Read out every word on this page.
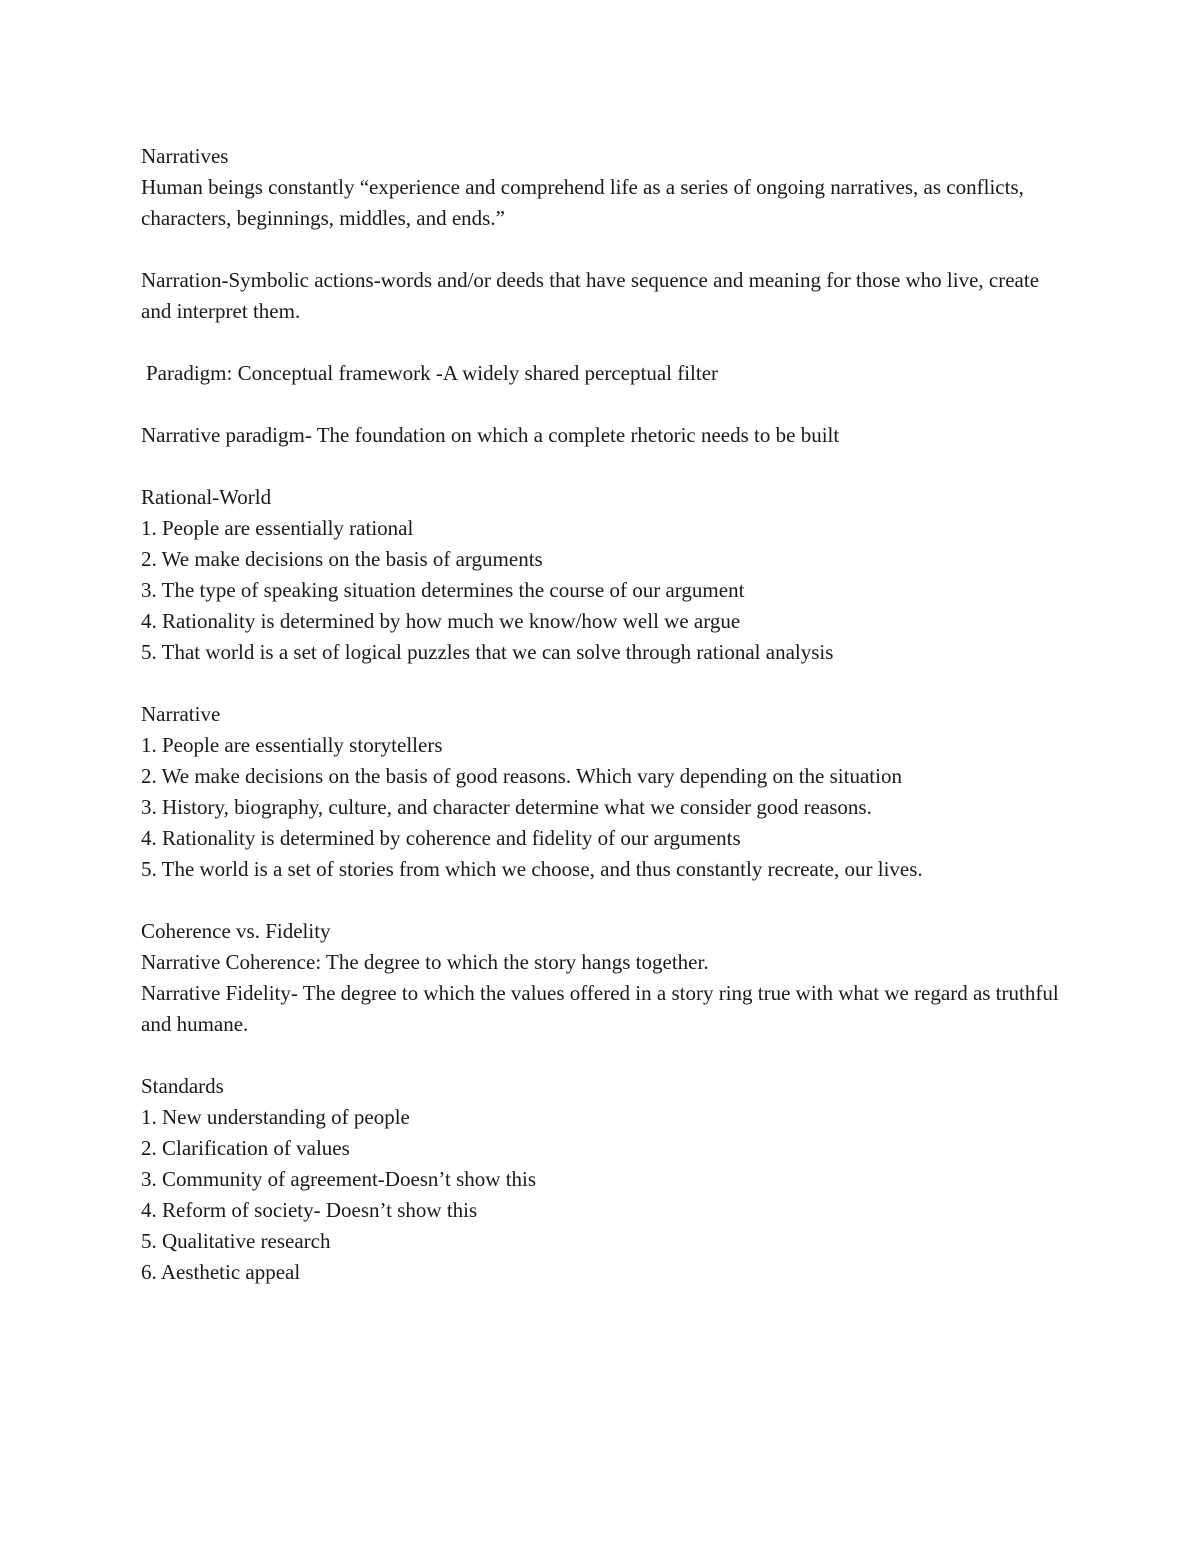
Narratives

Human beings constantly “experience and comprehend life as a series of ongoing narratives, as conflicts, characters, beginnings, middles, and ends.”

Narration-Symbolic actions-words and/or deeds that have sequence and meaning for those who live, create and interpret them.

Paradigm: Conceptual framework -A widely shared perceptual filter

Narrative paradigm- The foundation on which a complete rhetoric needs to be built

Rational-World

1. People are essentially rational
2. We make decisions on the basis of arguments
3. The type of speaking situation determines the course of our argument
4. Rationality is determined by how much we know/how well we argue
5. That world is a set of logical puzzles that we can solve through rational analysis

Narrative

1. People are essentially storytellers
2. We make decisions on the basis of good reasons. Which vary depending on the situation
3. History, biography, culture, and character determine what we consider good reasons.
4. Rationality is determined by coherence and fidelity of our arguments
5. The world is a set of stories from which we choose, and thus constantly recreate, our lives.

Coherence vs. Fidelity

Narrative Coherence: The degree to which the story hangs together.

Narrative Fidelity- The degree to which the values offered in a story ring true with what we regard as truthful and humane.

Standards

1. New understanding of people
2. Clarification of values
3. Community of agreement-Doesn’t show this
4. Reform of society- Doesn’t show this
5. Qualitative research
6. Aesthetic appeal
